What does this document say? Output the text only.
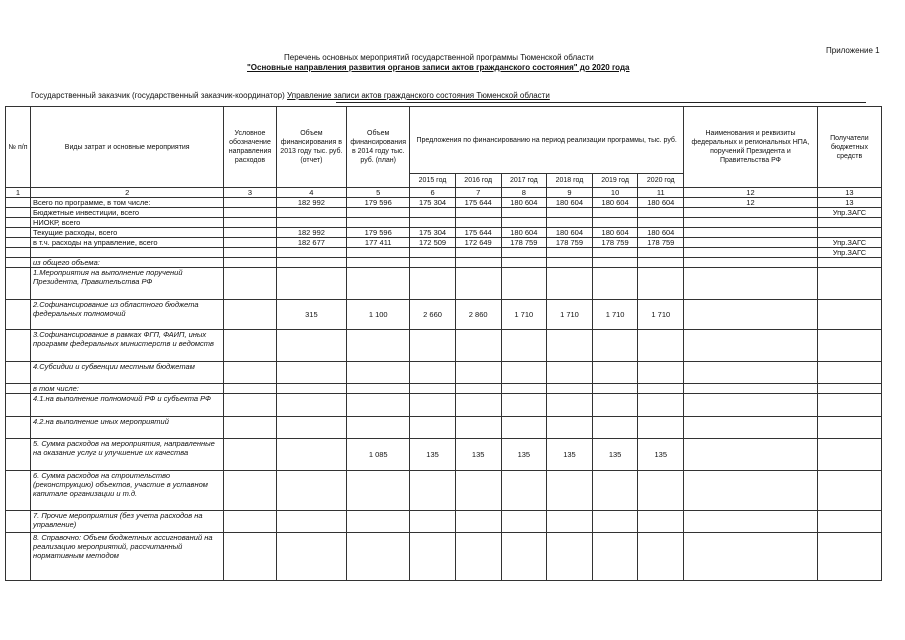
Приложение 1
Перечень основных мероприятий государственной программы Тюменской области
"Основные направления развития органов записи актов гражданского состояния" до 2020 года
Государственный заказчик (государственный заказчик-координатор) Управление записи актов гражданского состояния Тюменской области
№ п/п	Виды затрат и основные мероприятия	Условное обозначение направления расходов	Объем финансирования в 2013 году тыс. руб. (отчет)	Объем финансирования в 2014 году тыс. руб. (план)	Предложения по финансированию на период реализации программы, тыс. руб.						Наименования и реквизиты федеральных и региональных НПА, поручений Президента и Правительства РФ	Получатели бюджетных средств
					2015 год	2016 год	2017 год	2018 год	2019 год	2020 год		
1	2	3	4	5	6	7	8	9	10	11	12	13
	Всего по программе, в том числе:		182 992	179 596	175 304	175 644	180 604	180 604	180 604	180 604	12	13
	Бюджетные инвестиции, всего											Упр.ЗАГС
	НИОКР, всего											
	Текущие расходы, всего		182 992	179 596	175 304	175 644	180 604	180 604	180 604	180 604		
	в т.ч. расходы на управление, всего		182 677	177 411	172 509	172 649	178 759	178 759	178 759	178 759		Упр.ЗАГС
												Упр.ЗАГС
	из общего объема:											
	1.Мероприятия на выполнение поручений Президента, Правительства РФ											
	2.Софинансирование из областного бюджета федеральных полномочий		315	1 100	2 660	2 860	1 710	1 710	1 710	1 710		
	3.Софинансирование в рамках ФГП, ФАИП, иных программ федеральных министерств и ведомств											
	4.Субсидии и субвенции местным бюджетам											
	в том числе:											
	4.1.на выполнение полномочий РФ и субъекта РФ											
	4.2.на выполнение иных мероприятий											
	5. Сумма расходов на мероприятия, направленные на оказание услуг и улучшение их качества			1 085	135	135	135	135	135	135		
	6. Сумма расходов на строительство (реконструкцию) объектов, участие в уставном капитале организации и т.д.											
	7. Прочие мероприятия (без учета расходов на управление)											
	8. Справочно: Объем бюджетных ассигнований на реализацию мероприятий, рассчитанный нормативным методом											
